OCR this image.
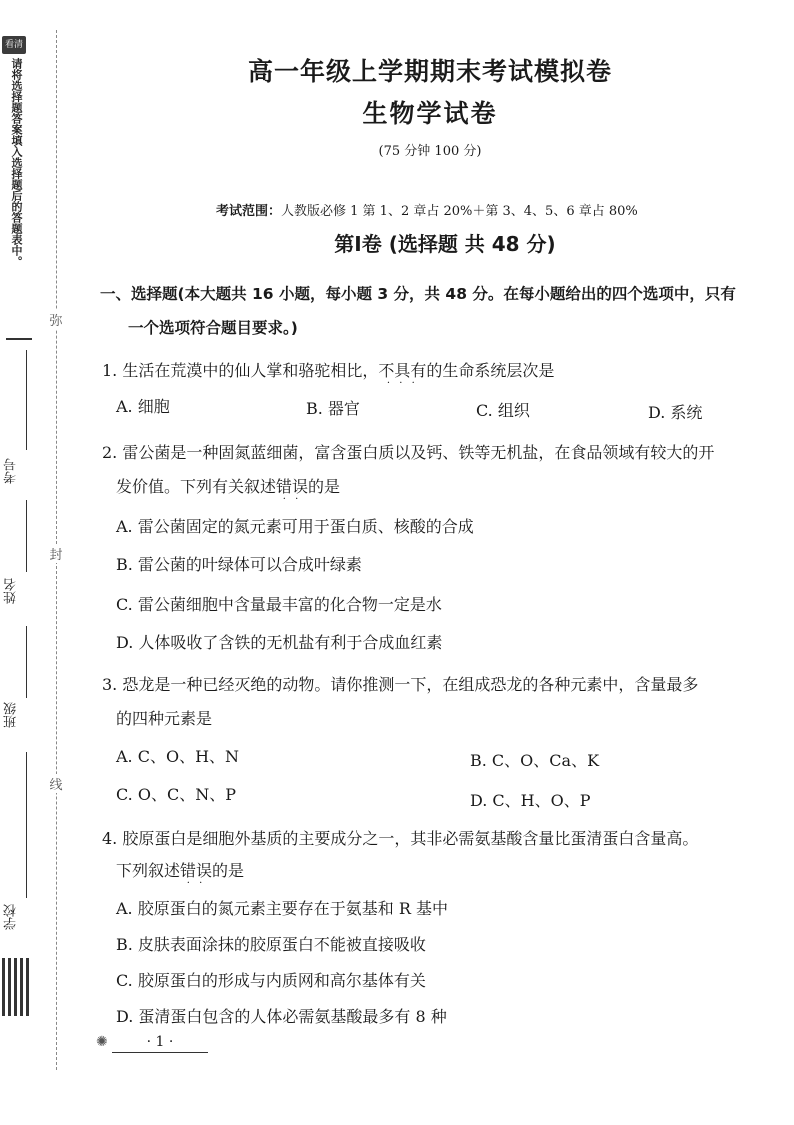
看清
请将选择题答案填入选择题后的答题表中。
考号
姓名
班级
学校
弥
封
线
高一年级上学期期末考试模拟卷
生物学试卷
(75 分钟 100 分)
考试范围：人教版必修 1 第 1、2 章占 20%＋第 3、4、5、6 章占 80%
第Ⅰ卷 (选择题 共 48 分)
一、选择题(本大题共 16 小题，每小题 3 分，共 48 分。在每小题给出的四个选项中，只有
一个选项符合题目要求。)
1. 生活在荒漠中的仙人掌和骆驼相比，不具有 · · ·的生命系统层次是
A. 细胞	B. 器官	C. 组织	D. 系统
2. 雷公菌是一种固氮蓝细菌，富含蛋白质以及钙、铁等无机盐，在食品领域有较大的开
发价值。下列有关叙述错误 · ·的是
A. 雷公菌固定的氮元素可用于蛋白质、核酸的合成
B. 雷公菌的叶绿体可以合成叶绿素
C. 雷公菌细胞中含量最丰富的化合物一定是水
D. 人体吸收了含铁的无机盐有利于合成血红素
3. 恐龙是一种已经灭绝的动物。请你推测一下，在组成恐龙的各种元素中，含量最多
的四种元素是
A. C、O、H、N	B. C、O、Ca、K
C. O、C、N、P	D. C、H、O、P
4. 胶原蛋白是细胞外基质的主要成分之一，其非必需氨基酸含量比蛋清蛋白含量高。
下列叙述错误 · ·的是
A. 胶原蛋白的氮元素主要存在于氨基和 R 基中
B. 皮肤表面涂抹的胶原蛋白不能被直接吸收
C. 胶原蛋白的形成与内质网和高尔基体有关
D. 蛋清蛋白包含的人体必需氨基酸最多有 8 种
✺	· 1 ·
